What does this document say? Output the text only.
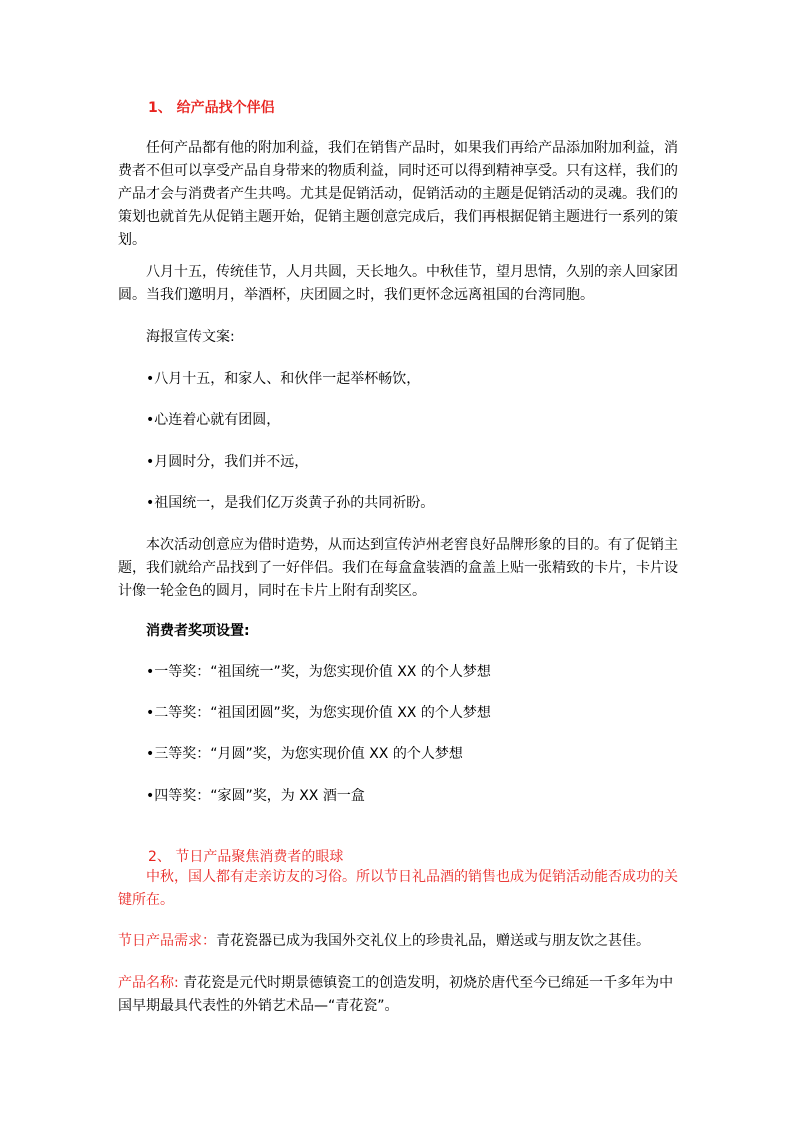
1、 给产品找个伴侣

任何产品都有他的附加利益，我们在销售产品时，如果我们再给产品添加附加利益，消费者不但可以享受产品自身带来的物质利益，同时还可以得到精神享受。只有这样，我们的产品才会与消费者产生共鸣。尤其是促销活动，促销活动的主题是促销活动的灵魂。我们的策划也就首先从促销主题开始，促销主题创意完成后，我们再根据促销主题进行一系列的策划。

八月十五，传统佳节，人月共圆，天长地久。中秋佳节，望月思情，久别的亲人回家团圆。当我们邀明月，举酒杯，庆团圆之时，我们更怀念远离祖国的台湾同胞。

海报宣传文案:

•八月十五，和家人、和伙伴一起举杯畅饮，

•心连着心就有团圆，

•月圆时分，我们并不远，

•祖国统一，是我们亿万炎黄子孙的共同祈盼。

本次活动创意应为借时造势，从而达到宣传泸州老窖良好品牌形象的目的。有了促销主题，我们就给产品找到了一好伴侣。我们在每盒盒装酒的盒盖上贴一张精致的卡片，卡片设计像一轮金色的圆月，同时在卡片上附有刮奖区。

消费者奖项设置:

•一等奖：“祖国统一”奖，为您实现价值 XX 的个人梦想

•二等奖：“祖国团圆”奖，为您实现价值 XX 的个人梦想

•三等奖：“月圆”奖，为您实现价值 XX 的个人梦想

•四等奖：“家圆”奖，为 XX 酒一盒

2、 节日产品聚焦消费者的眼球

中秋，国人都有走亲访友的习俗。所以节日礼品酒的销售也成为促销活动能否成功的关键所在。

节日产品需求：青花瓷器已成为我国外交礼仪上的珍贵礼品，赠送或与朋友饮之甚佳。

产品名称: 青花瓷是元代时期景德镇瓷工的创造发明，初烧於唐代至今已绵延一千多年为中国早期最具代表性的外销艺术品—“青花瓷”。
